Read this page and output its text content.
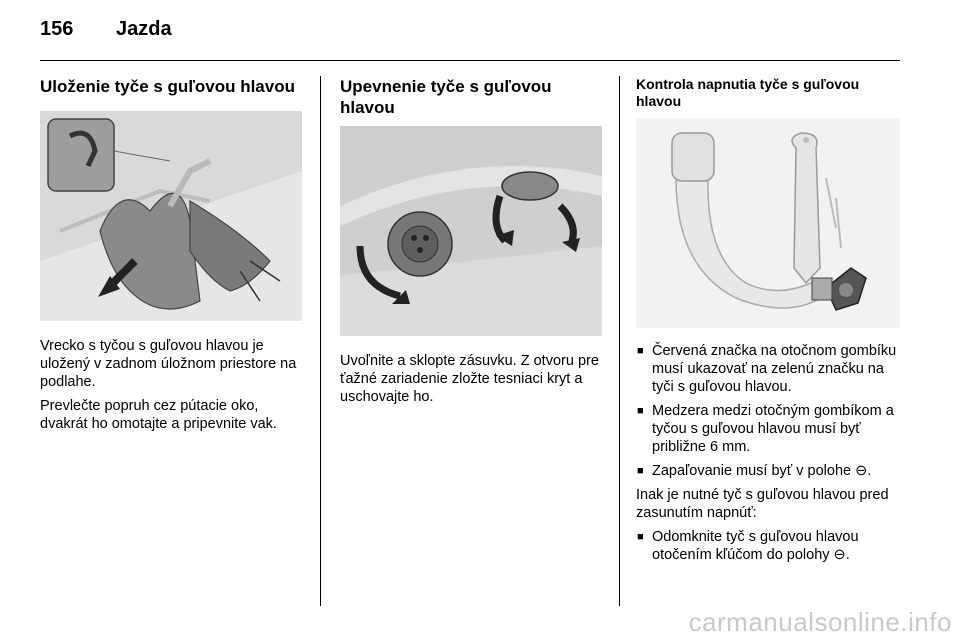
156 Jazda
Uloženie tyče s guľovou hlavou

Vrecko s tyčou s guľovou hlavou je uložený v zadnom úložnom priestore na podlahe.

Prevlečte popruh cez pútacie oko, dvakrát ho omotajte a pripevnite vak.

Upevnenie tyče s guľovou hlavou

Uvoľnite a sklopte zásuvku. Z otvoru pre ťažné zariadenie zložte tesniaci kryt a uschovajte ho.

Kontrola napnutia tyče s guľovou hlavou
■ Červená značka na otočnom gombíku musí ukazovať na zelenú značku na tyči s guľovou hlavou.
■ Medzera medzi otočným gombíkom a tyčou s guľovou hlavou musí byť približne 6 mm.
■ Zapaľovanie musí byť v polohe ⊖.

Inak je nutné tyč s guľovou hlavou pred zasunutím napnúť:

■ Odomknite tyč s guľovou hlavou otočením kľúčom do polohy ⊖.
carmanualsonline.info
